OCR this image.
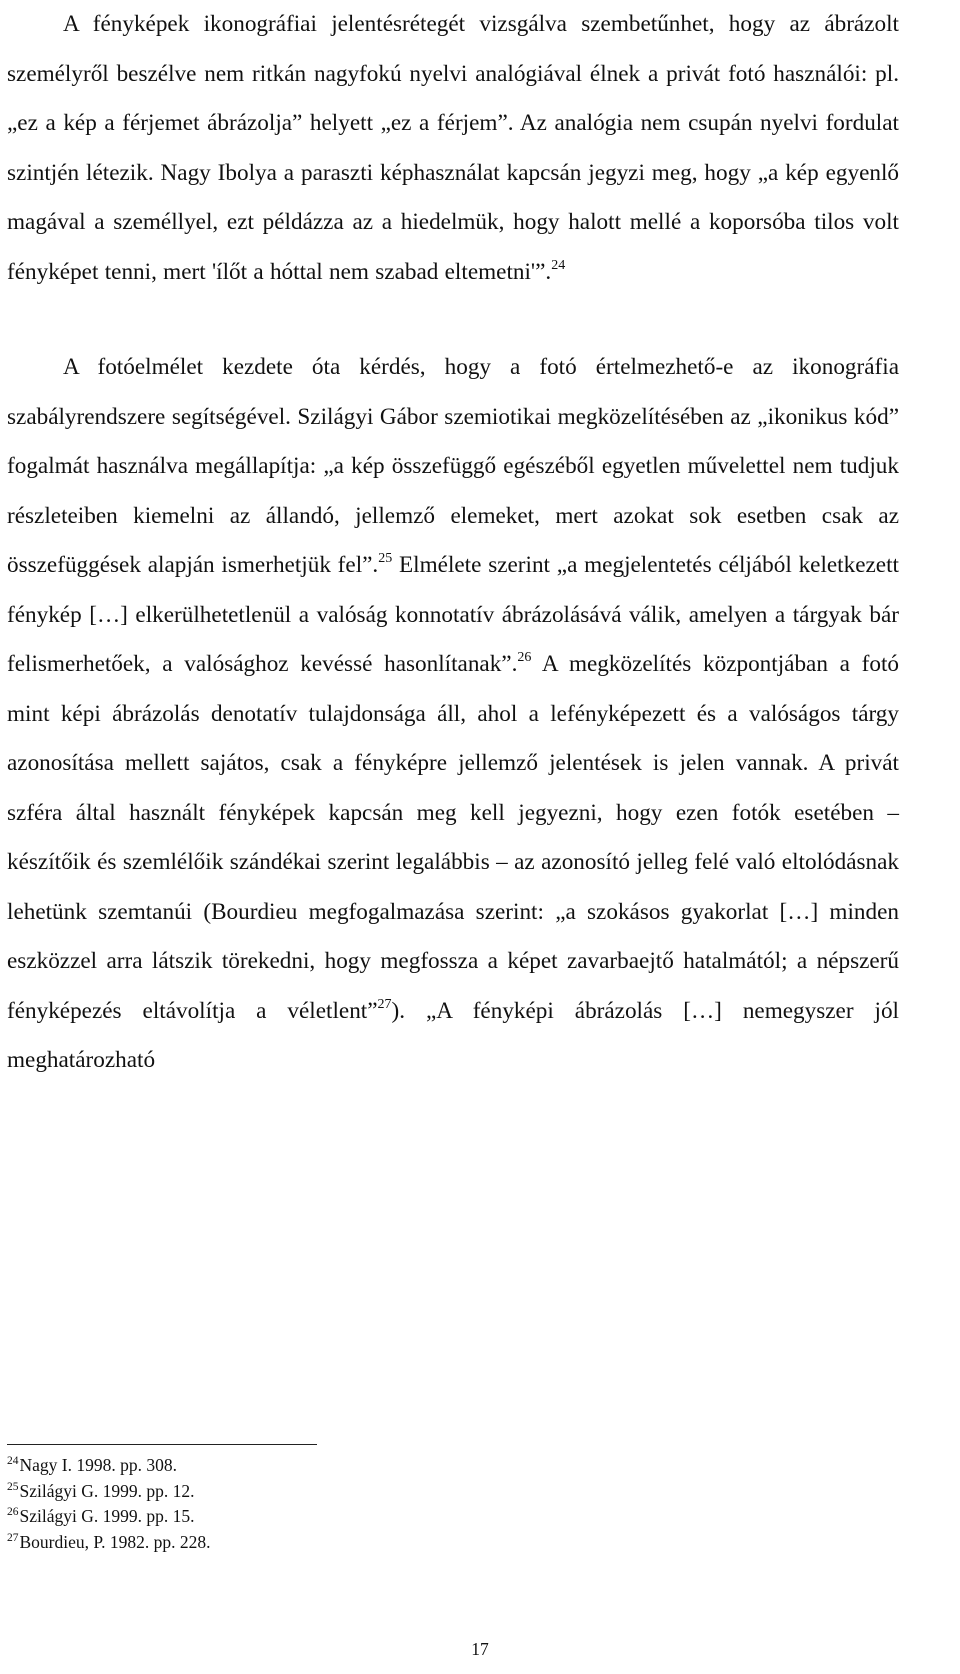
A fényképek ikonográfiai jelentésrétegét vizsgálva szembetűnhet, hogy az ábrázolt személyről beszélve nem ritkán nagyfokú nyelvi analógiával élnek a privát fotó használói: pl. „ez a kép a férjemet ábrázolja” helyett „ez a férjem”. Az analógia nem csupán nyelvi fordulat szintjén létezik. Nagy Ibolya a paraszti képhasználat kapcsán jegyzi meg, hogy „a kép egyenlő magával a személlyel, ezt példázza az a hiedelmük, hogy halott mellé a koporsóba tilos volt fényképet tenni, mert 'ílőt a hóttal nem szabad eltemetni'”.$^{24}$

A fotóelmélet kezdete óta kérdés, hogy a fotó értelmezhető-e az ikonográfia szabályrendszere segítségével. Szilágyi Gábor szemiotikai megközelítésében az „ikonikus kód” fogalmát használva megállapítja: „a kép összefüggő egészéből egyetlen művelettel nem tudjuk részleteiben kiemelni az állandó, jellemző elemeket, mert azokat sok esetben csak az összefüggések alapján ismerhetjük fel”.$^{25}$ Elmélete szerint „a megjelentetés céljából keletkezett fénykép […] elkerülhetetlenül a valóság konnotatív ábrázolásává válik, amelyen a tárgyak bár felismerhetőek, a valósághoz kevéssé hasonlítanak”.$^{26}$ A megközelítés központjában a fotó mint képi ábrázolás denotatív tulajdonsága áll, ahol a lefényképezett és a valóságos tárgy azonosítása mellett sajátos, csak a fényképre jellemző jelentések is jelen vannak. A privát szféra által használt fényképek kapcsán meg kell jegyezni, hogy ezen fotók esetében – készítőik és szemlélőik szándékai szerint legalábbis – az azonosító jelleg felé való eltolódásnak lehetünk szemtanúi (Bourdieu megfogalmazása szerint: „a szokásos gyakorlat […] minden eszközzel arra látszik törekedni, hogy megfossza a képet zavarbaejtő hatalmától; a népszerű fényképezés eltávolítja a véletlent”$^{27}$). „A fényképi ábrázolás […] nemegyszer jól meghatározható

$^{24}$Nagy I. 1998. pp. 308.

$^{25}$Szilágyi G. 1999. pp. 12.

$^{26}$Szilágyi G. 1999. pp. 15.

$^{27}$Bourdieu, P. 1982. pp. 228.

17
